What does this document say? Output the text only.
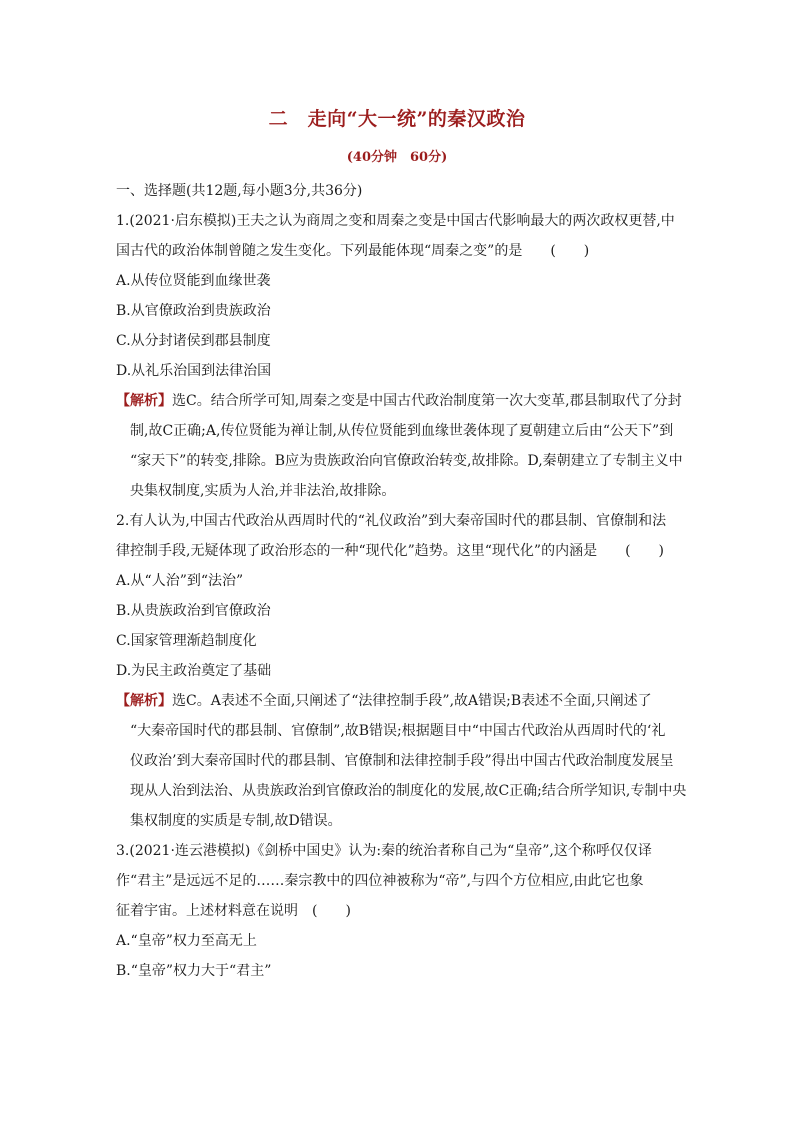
二　走向“大一统”的秦汉政治
(40分钟　60分)
一、选择题(共12题,每小题3分,共36分)
1.(2021·启东模拟)王夫之认为商周之变和周秦之变是中国古代影响最大的两次政权更替,中
国古代的政治体制曾随之发生变化。下列最能体现“周秦之变”的是　　(　　)
A.从传位贤能到血缘世袭
B.从官僚政治到贵族政治
C.从分封诸侯到郡县制度
D.从礼乐治国到法律治国
【解析】选C。结合所学可知,周秦之变是中国古代政治制度第一次大变革,郡县制取代了分封
制,故C正确;A,传位贤能为禅让制,从传位贤能到血缘世袭体现了夏朝建立后由“公天下”到
“家天下”的转变,排除。B应为贵族政治向官僚政治转变,故排除。D,秦朝建立了专制主义中
央集权制度,实质为人治,并非法治,故排除。
2.有人认为,中国古代政治从西周时代的“礼仪政治”到大秦帝国时代的郡县制、官僚制和法
律控制手段,无疑体现了政治形态的一种“现代化”趋势。这里“现代化”的内涵是　　(　　)
A.从“人治”到“法治”
B.从贵族政治到官僚政治
C.国家管理渐趋制度化
D.为民主政治奠定了基础
【解析】选C。A表述不全面,只阐述了“法律控制手段”,故A错误;B表述不全面,只阐述了
“大秦帝国时代的郡县制、官僚制”,故B错误;根据题目中“中国古代政治从西周时代的‘礼
仪政治’到大秦帝国时代的郡县制、官僚制和法律控制手段”得出中国古代政治制度发展呈
现从人治到法治、从贵族政治到官僚政治的制度化的发展,故C正确;结合所学知识,专制中央
集权制度的实质是专制,故D错误。
3.(2021·连云港模拟)《剑桥中国史》认为:秦的统治者称自己为“皇帝”,这个称呼仅仅译
作“君主”是远远不足的……秦宗教中的四位神被称为“帝”,与四个方位相应,由此它也象
征着宇宙。上述材料意在说明　(　　)
A.“皇帝”权力至高无上
B.“皇帝”权力大于“君主”
